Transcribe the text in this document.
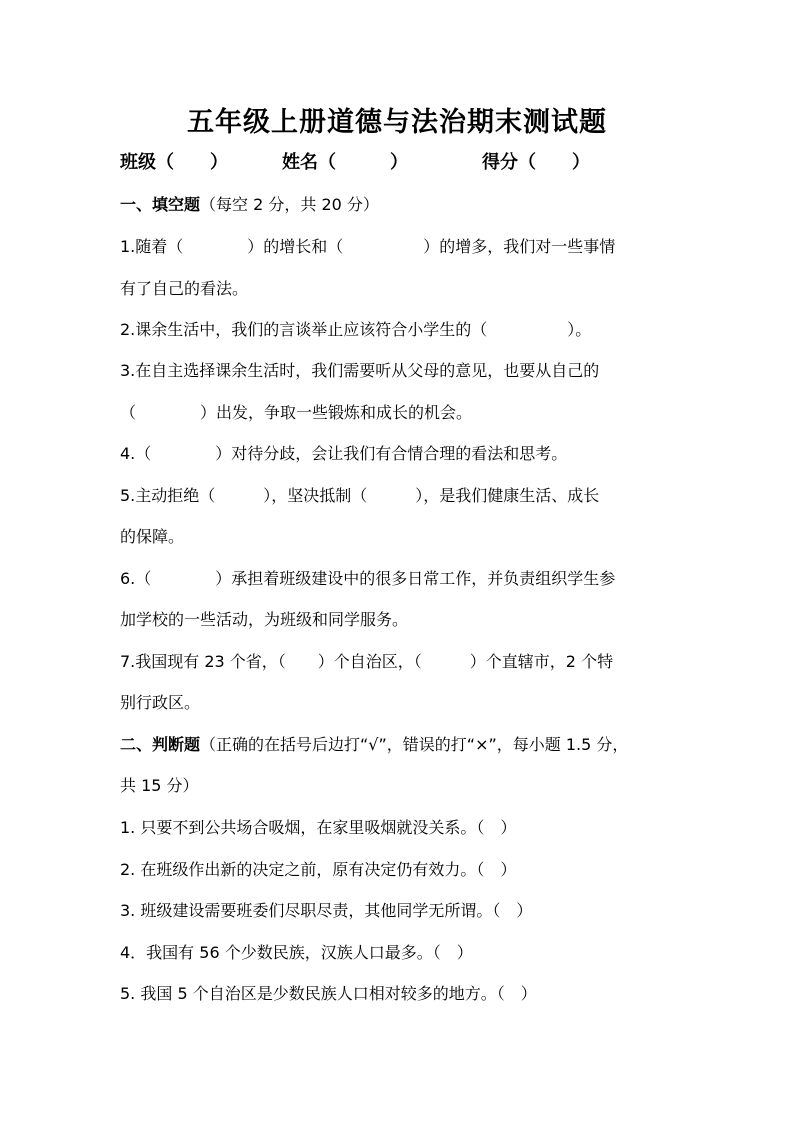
五年级上册道德与法治期末测试题
班级（　　）	姓名（　　　）	得分（　　）
一、填空题（每空 2 分，共 20 分）
1.随着（　　　　）的增长和（　　　　　）的增多，我们对一些事情
有了自己的看法。
2.课余生活中，我们的言谈举止应该符合小学生的（　　　　　）。
3.在自主选择课余生活时，我们需要听从父母的意见，也要从自己的
（　　　　）出发，争取一些锻炼和成长的机会。
4.（　　　　）对待分歧，会让我们有合情合理的看法和思考。
5.主动拒绝（　　　），坚决抵制（　　　），是我们健康生活、成长
的保障。
6.（　　　　）承担着班级建设中的很多日常工作，并负责组织学生参
加学校的一些活动，为班级和同学服务。
7.我国现有 23 个省，（　　）个自治区，（　　　）个直辖市，2 个特
别行政区。
二、判断题（正确的在括号后边打“√”，错误的打“×”，每小题 1.5 分，
共 15 分）
1. 只要不到公共场合吸烟，在家里吸烟就没关系。（　）
2. 在班级作出新的决定之前，原有决定仍有效力。（　）
3. 班级建设需要班委们尽职尽责，其他同学无所谓。（　）
4．我国有 56 个少数民族，汉族人口最多。（　）
5. 我国 5 个自治区是少数民族人口相对较多的地方。（　）
